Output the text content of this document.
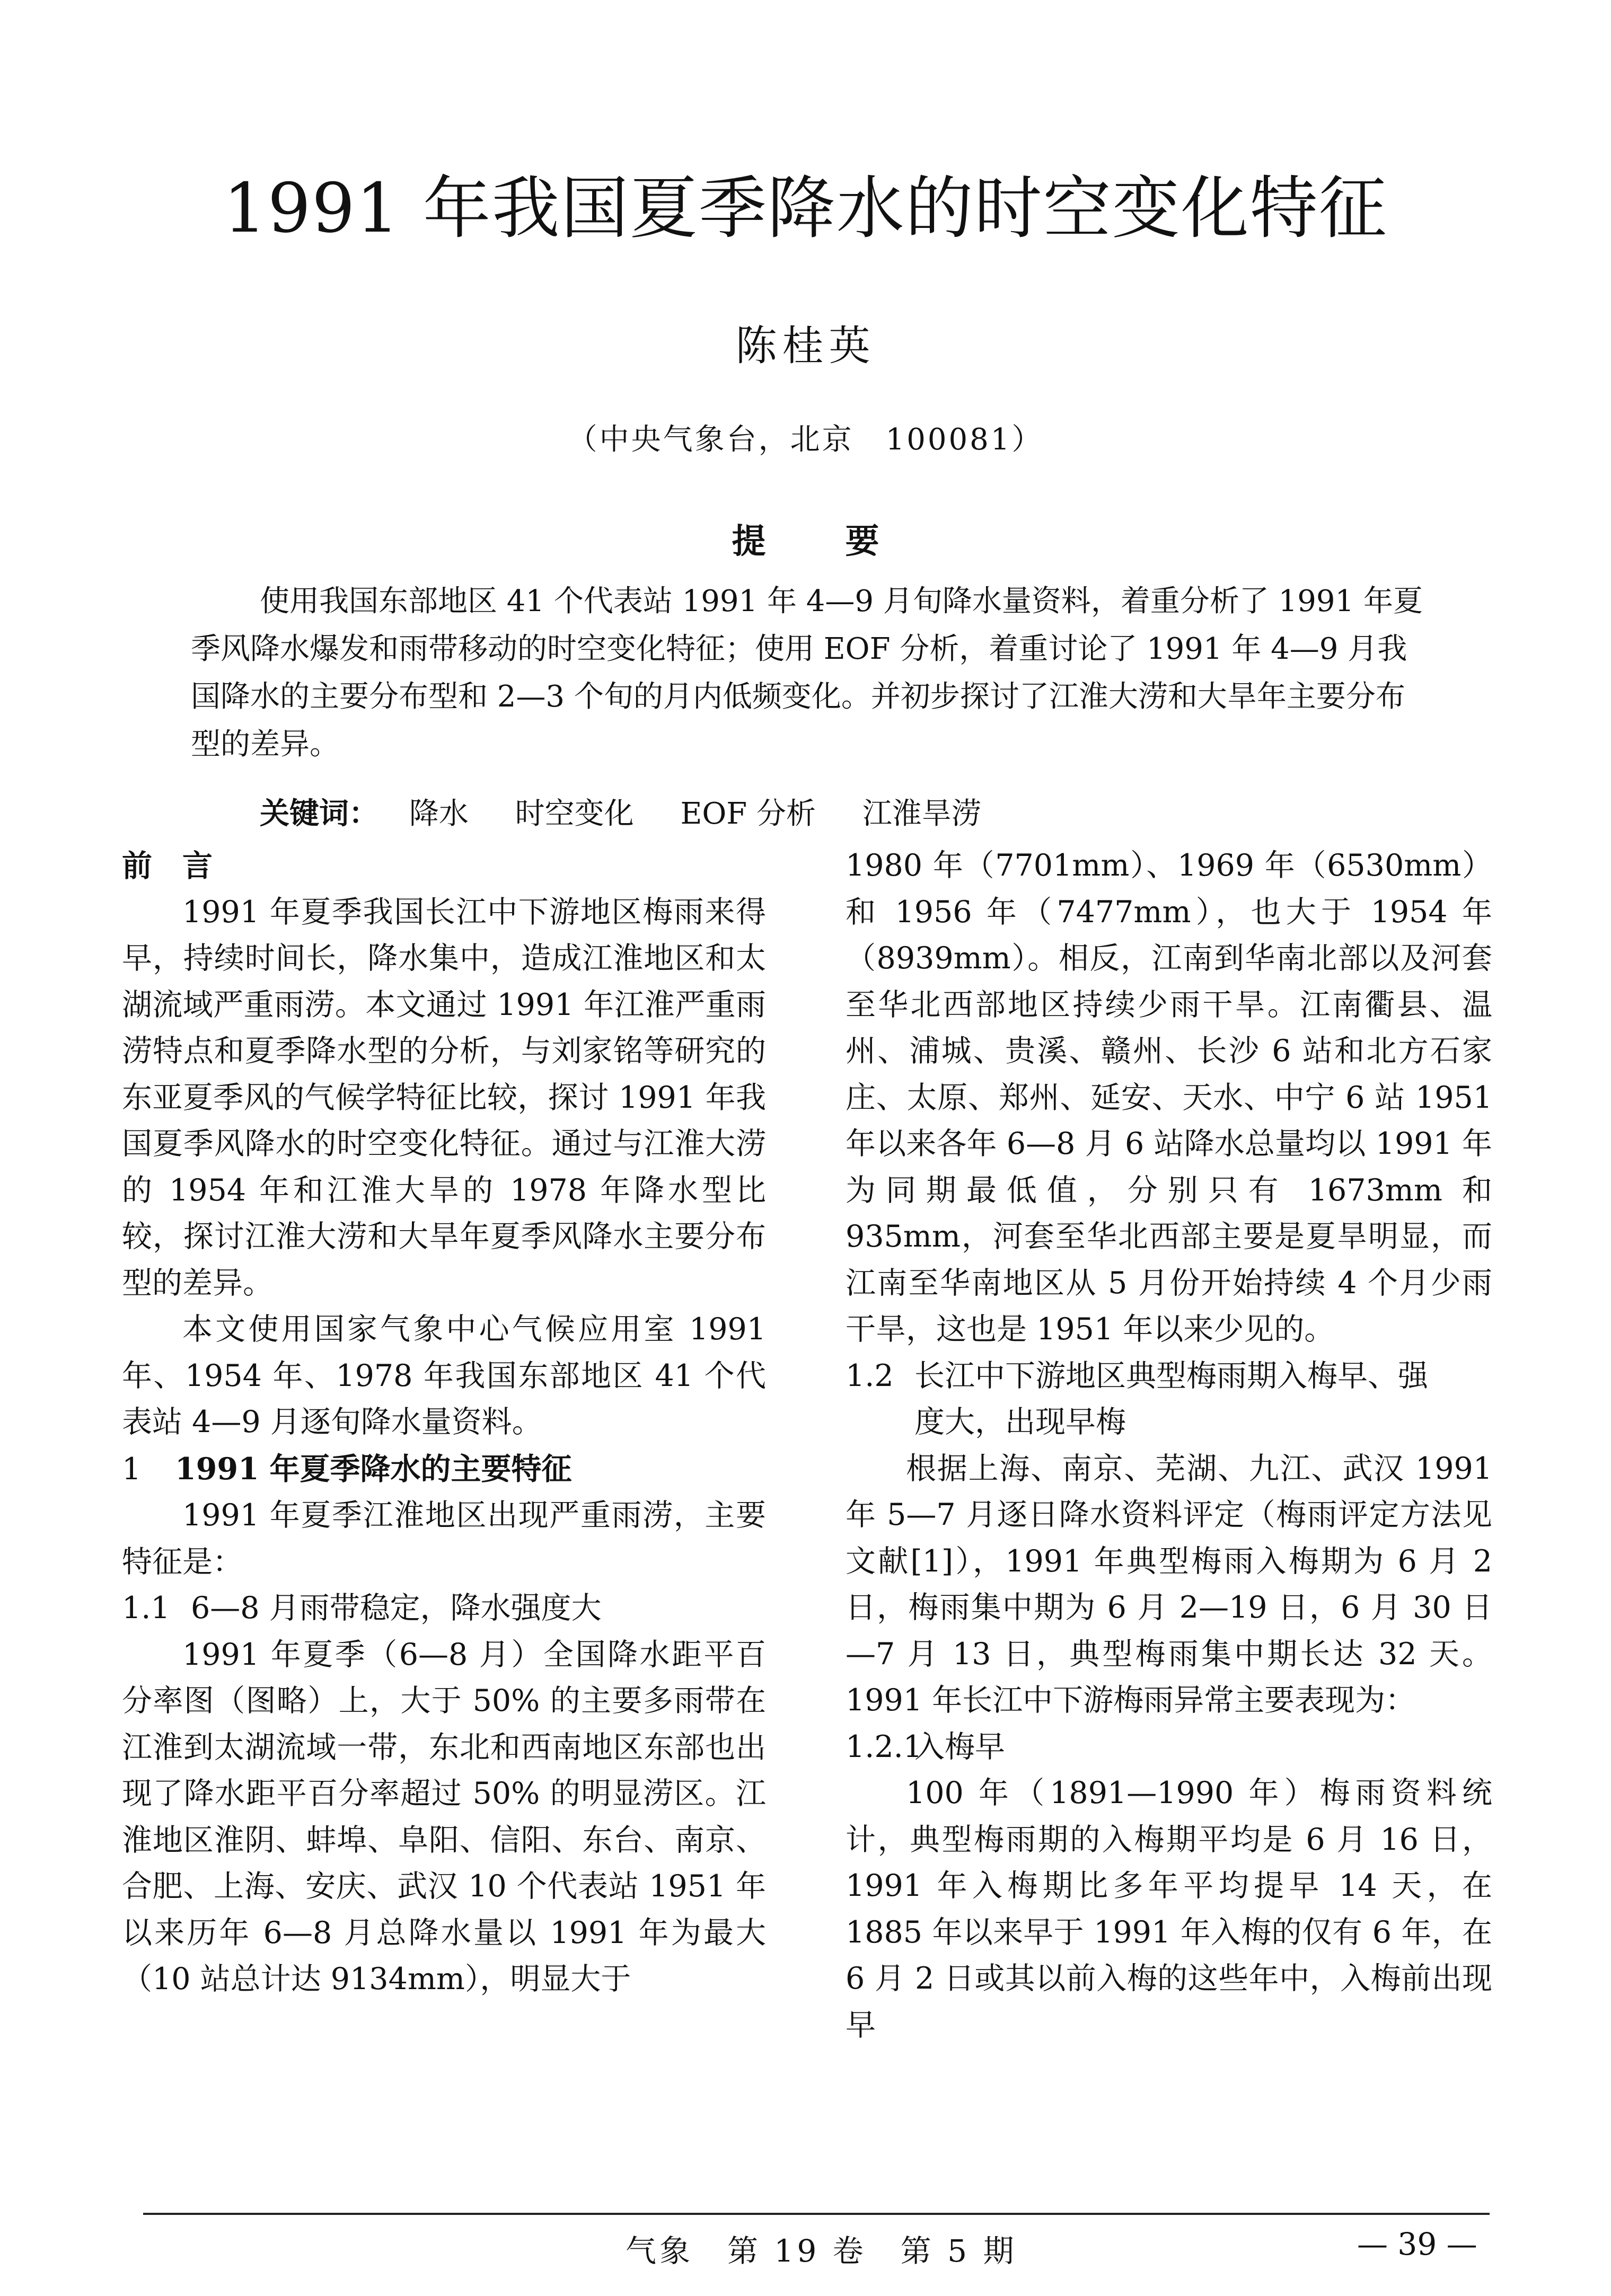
1991 年我国夏季降水的时空变化特征
陈桂英
（中央气象台，北京　100081）
提 要
使用我国东部地区 41 个代表站 1991 年 4—9 月旬降水量资料，着重分析了 1991 年夏季风降水爆发和雨带移动的时空变化特征；使用 EOF 分析，着重讨论了 1991 年 4—9 月我国降水的主要分布型和 2—3 个旬的月内低频变化。并初步探讨了江淮大涝和大旱年主要分布型的差异。
关键词： 降水 时空变化 EOF 分析 江淮旱涝

前　言

1991 年夏季我国长江中下游地区梅雨来得早，持续时间长，降水集中，造成江淮地区和太湖流域严重雨涝。本文通过 1991 年江淮严重雨涝特点和夏季降水型的分析，与刘家铭等研究的东亚夏季风的气候学特征比较，探讨 1991 年我国夏季风降水的时空变化特征。通过与江淮大涝的 1954 年和江淮大旱的 1978 年降水型比较，探讨江淮大涝和大旱年夏季风降水主要分布型的差异。

本文使用国家气象中心气候应用室 1991 年、1954 年、1978 年我国东部地区 41 个代表站 4—9 月逐旬降水量资料。

1 1991 年夏季降水的主要特征

1991 年夏季江淮地区出现严重雨涝，主要特征是：

1.1 6—8 月雨带稳定，降水强度大

1991 年夏季（6—8 月）全国降水距平百分率图（图略）上，大于 50% 的主要多雨带在江淮到太湖流域一带，东北和西南地区东部也出现了降水距平百分率超过 50% 的明显涝区。江淮地区淮阴、蚌埠、阜阳、信阳、东台、南京、合肥、上海、安庆、武汉 10 个代表站 1951 年以来历年 6—8 月总降水量以 1991 年为最大（10 站总计达 9134mm），明显大于

1980 年（7701mm）、1969 年（6530mm）和 1956 年（7477mm），也大于 1954 年（8939mm）。相反，江南到华南北部以及河套至华北西部地区持续少雨干旱。江南衢县、温州、浦城、贵溪、赣州、长沙 6 站和北方石家庄、太原、郑州、延安、天水、中宁 6 站 1951 年以来各年 6—8 月 6 站降水总量均以 1991 年为同期最低值，分别只有 1673mm 和 935mm，河套至华北西部主要是夏旱明显，而江南至华南地区从 5 月份开始持续 4 个月少雨干旱，这也是 1951 年以来少见的。

1.2 长江中下游地区典型梅雨期入梅早、强

度大，出现早梅

根据上海、南京、芜湖、九江、武汉 1991 年 5—7 月逐日降水资料评定（梅雨评定方法见文献[1]），1991 年典型梅雨入梅期为 6 月 2 日，梅雨集中期为 6 月 2—19 日，6 月 30 日—7 月 13 日，典型梅雨集中期长达 32 天。1991 年长江中下游梅雨异常主要表现为：

1.2.1入梅早

100 年（1891—1990 年）梅雨资料统计，典型梅雨期的入梅期平均是 6 月 16 日，1991 年入梅期比多年平均提早 14 天，在 1885 年以来早于 1991 年入梅的仅有 6 年，在 6 月 2 日或其以前入梅的这些年中，入梅前出现早

气象　第 19 卷　第 5 期	— 39 —
